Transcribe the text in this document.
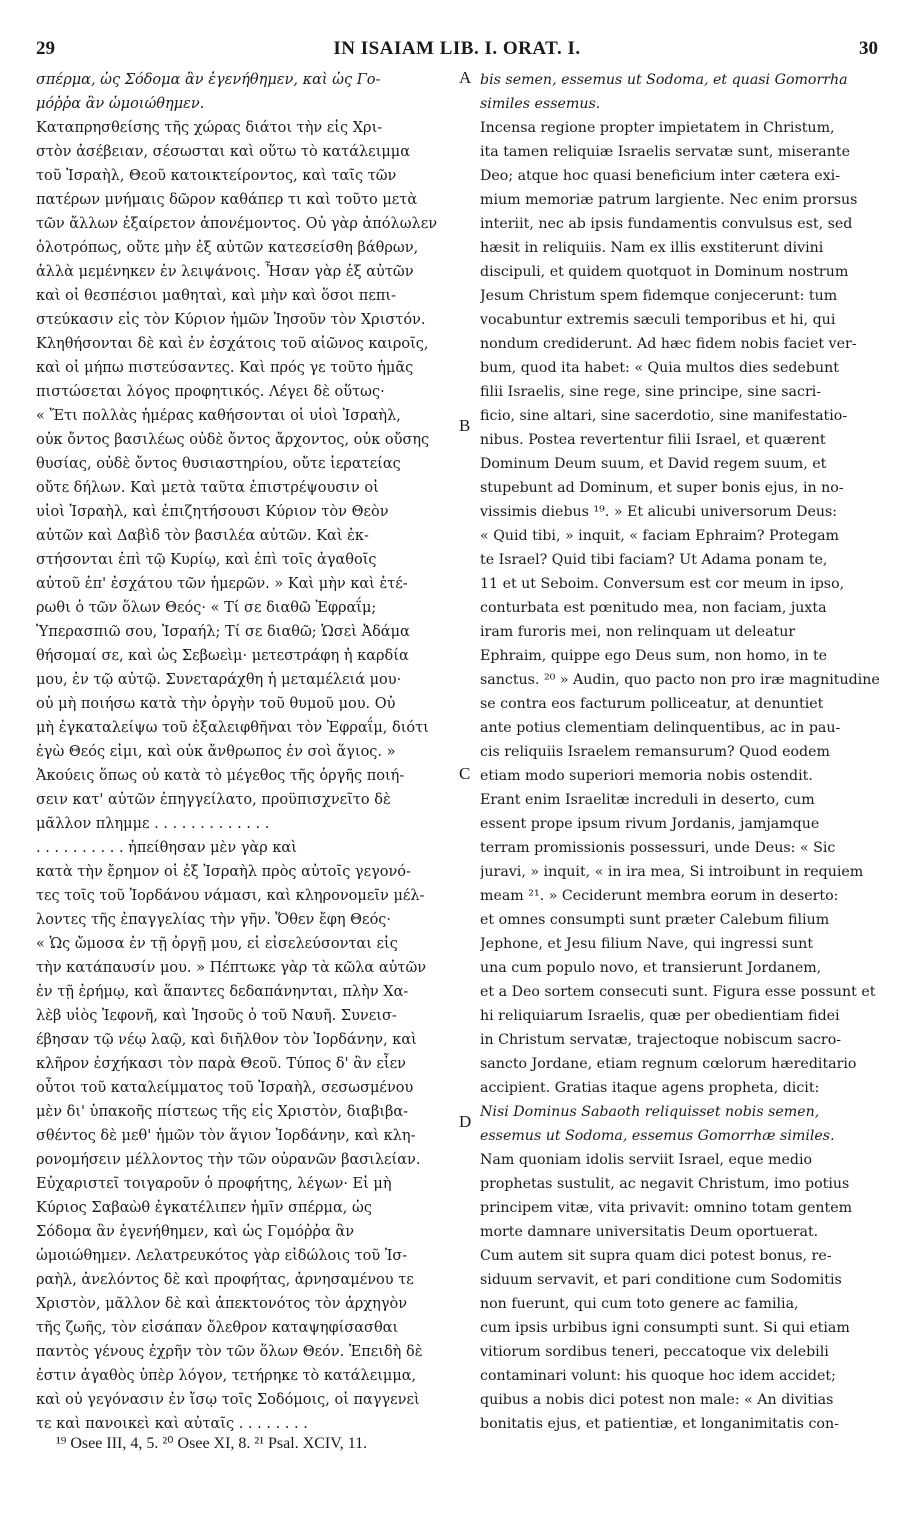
29	IN ISAIAM LIB. I. ORAT. I.	30

σπέρμα, ὡς Σόδομα ἂν ἐγενήθημεν, καὶ ὡς Γο-

μόῤῥα ἂν ὡμοιώθημεν.

Καταπρησθείσης τῆς χώρας διάτοι τὴν εἰς Χρι-

στὸν ἀσέβειαν, σέσωσται καὶ οὕτω τὸ κατάλειμμα

τοῦ Ἰσραὴλ, Θεοῦ κατοικτείροντος, καὶ ταῖς τῶν

πατέρων μνήμαις δῶρον καθάπερ τι καὶ τοῦτο μετὰ

τῶν ἄλλων ἐξαίρετον ἀπονέμοντος. Οὐ γὰρ ἀπόλωλεν

ὁλοτρόπως, οὔτε μὴν ἐξ αὐτῶν κατεσείσθη βάθρων,

ἀλλὰ μεμένηκεν ἐν λειψάνοις. Ἦσαν γὰρ ἐξ αὐτῶν

καὶ οἱ θεσπέσιοι μαθηταὶ, καὶ μὴν καὶ ὅσοι πεπι-

στεύκασιν εἰς τὸν Κύριον ἡμῶν Ἰησοῦν τὸν Χριστόν.

Κληθήσονται δὲ καὶ ἐν ἐσχάτοις τοῦ αἰῶνος καιροῖς,

καὶ οἱ μήπω πιστεύσαντες. Καὶ πρός γε τοῦτο ἡμᾶς

πιστώσεται λόγος προφητικός. Λέγει δὲ οὕτως·

« Ἔτι πολλὰς ἡμέρας καθήσονται οἱ υἱοὶ Ἰσραὴλ,

οὐκ ὄντος βασιλέως οὐδὲ ὄντος ἄρχοντος, οὐκ οὔσης

θυσίας, οὐδὲ ὄντος θυσιαστηρίου, οὔτε ἱερατείας

οὔτε δήλων. Καὶ μετὰ ταῦτα ἐπιστρέψουσιν οἱ

υἱοὶ Ἰσραὴλ, καὶ ἐπιζητήσουσι Κύριον τὸν Θεὸν

αὐτῶν καὶ Δαβὶδ τὸν βασιλέα αὐτῶν. Καὶ ἐκ-

στήσονται ἐπὶ τῷ Κυρίῳ, καὶ ἐπὶ τοῖς ἀγαθοῖς

αὐτοῦ ἐπ' ἐσχάτου τῶν ἡμερῶν. » Καὶ μὴν καὶ ἑτέ-

ρωθι ὁ τῶν ὅλων Θεός· « Τί σε διαθῶ Ἐφραΐμ;

Ὑπερασπιῶ σου, Ἰσραήλ; Τί σε διαθῶ; Ὡσεὶ Ἀδάμα

θήσομαί σε, καὶ ὡς Σεβωεὶμ· μετεστράφη ἡ καρδία

μου, ἐν τῷ αὐτῷ. Συνεταράχθη ἡ μεταμέλειά μου·

οὐ μὴ ποιήσω κατὰ τὴν ὀργὴν τοῦ θυμοῦ μου. Οὐ

μὴ ἐγκαταλείψω τοῦ ἐξαλειφθῆναι τὸν Ἐφραΐμ, διότι

ἐγὼ Θεός εἰμι, καὶ οὐκ ἄνθρωπος ἐν σοὶ ἅγιος. »

Ἀκούεις ὅπως οὐ κατὰ τὸ μέγεθος τῆς ὀργῆς ποιή-

σειν κατ' αὐτῶν ἐπηγγείλατο, προϋπισχνεῖτο δὲ

μᾶλλον πλημμε . . . . . . . . . . . . .

. . . . . . . . . . ἠπείθησαν μὲν γὰρ καὶ

κατὰ τὴν ἔρημον οἱ ἐξ Ἰσραὴλ πρὸς αὐτοῖς γεγονό-

τες τοῖς τοῦ Ἰορδάνου νάμασι, καὶ κληρονομεῖν μέλ-

λοντες τῆς ἐπαγγελίας τὴν γῆν. Ὅθεν ἔφη Θεός·

« Ὡς ὤμοσα ἐν τῇ ὀργῇ μου, εἰ εἰσελεύσονται εἰς

τὴν κατάπαυσίν μου. » Πέπτωκε γὰρ τὰ κῶλα αὐτῶν

ἐν τῇ ἐρήμῳ, καὶ ἅπαντες δεδαπάνηνται, πλὴν Χα-

λὲβ υἱὸς Ἰεφονῆ, καὶ Ἰησοῦς ὁ τοῦ Ναυῆ. Συνεισ-

έβησαν τῷ νέῳ λαῷ, καὶ διῆλθον τὸν Ἰορδάνην, καὶ

κλῆρον ἐσχήκασι τὸν παρὰ Θεοῦ. Τύπος δ' ἂν εἶεν

οὗτοι τοῦ καταλείμματος τοῦ Ἰσραὴλ, σεσωσμένου

μὲν δι' ὑπακοῆς πίστεως τῆς εἰς Χριστὸν, διαβιβα-

σθέντος δὲ μεθ' ἡμῶν τὸν ἅγιον Ἰορδάνην, καὶ κλη-

ρονομήσειν μέλλοντος τὴν τῶν οὐρανῶν βασιλείαν.

Εὐχαριστεῖ τοιγαροῦν ὁ προφήτης, λέγων· Εἰ μὴ

Κύριος Σαβαὼθ ἐγκατέλιπεν ἡμῖν σπέρμα, ὡς

Σόδομα ἂν ἐγενήθημεν, καὶ ὡς Γομόῤῥα ἂν

ὡμοιώθημεν. Λελατρευκότος γὰρ εἰδώλοις τοῦ Ἰσ-

ραὴλ, ἀνελόντος δὲ καὶ προφήτας, ἀρνησαμένου τε

Χριστὸν, μᾶλλον δὲ καὶ ἀπεκτονότος τὸν ἀρχηγὸν

τῆς ζωῆς, τὸν εἰσάπαν ὄλεθρον καταψηφίσασθαι

παντὸς γένους ἐχρῆν τὸν τῶν ὅλων Θεόν. Ἐπειδὴ δὲ

ἐστιν ἀγαθὸς ὑπὲρ λόγον, τετήρηκε τὸ κατάλειμμα,

καὶ οὐ γεγόνασιν ἐν ἴσῳ τοῖς Σοδόμοις, οἱ παγγενεὶ

τε καὶ πανοικεὶ καὶ αὐταῖς . . . . . . . .

A
B
C
D

bis semen, essemus ut Sodoma, et quasi Gomorrha

similes essemus.

Incensa regione propter impietatem in Christum,

ita tamen reliquiæ Israelis servatæ sunt, miserante

Deo; atque hoc quasi beneficium inter cætera exi-

mium memoriæ patrum largiente. Nec enim prorsus

interiit, nec ab ipsis fundamentis convulsus est, sed

hæsit in reliquiis. Nam ex illis exstiterunt divini

discipuli, et quidem quotquot in Dominum nostrum

Jesum Christum spem fidemque conjecerunt: tum

vocabuntur extremis sæculi temporibus et hi, qui

nondum crediderunt. Ad hæc fidem nobis faciet ver-

bum, quod ita habet: « Quia multos dies sedebunt

filii Israelis, sine rege, sine principe, sine sacri-

ficio, sine altari, sine sacerdotio, sine manifestatio-

nibus. Postea revertentur filii Israel, et quærent

Dominum Deum suum, et David regem suum, et

stupebunt ad Dominum, et super bonis ejus, in no-

vissimis diebus ¹⁹. » Et alicubi universorum Deus:

« Quid tibi, » inquit, « faciam Ephraim? Protegam

te Israel? Quid tibi faciam? Ut Adama ponam te,

11 et ut Seboim. Conversum est cor meum in ipso,

conturbata est pœnitudo mea, non faciam, juxta

iram furoris mei, non relinquam ut deleatur

Ephraim, quippe ego Deus sum, non homo, in te

sanctus. ²⁰ » Audin, quo pacto non pro iræ magnitudine

se contra eos facturum polliceatur, at denuntiet

ante potius clementiam delinquentibus, ac in pau-

cis reliquiis Israelem remansurum? Quod eodem

etiam modo superiori memoria nobis ostendit.

Erant enim Israelitæ increduli in deserto, cum

essent prope ipsum rivum Jordanis, jamjamque

terram promissionis possessuri, unde Deus: « Sic

juravi, » inquit, « in ira mea, Si introibunt in requiem

meam ²¹. » Ceciderunt membra eorum in deserto:

et omnes consumpti sunt præter Calebum filium

Jephone, et Jesu filium Nave, qui ingressi sunt

una cum populo novo, et transierunt Jordanem,

et a Deo sortem consecuti sunt. Figura esse possunt et

hi reliquiarum Israelis, quæ per obedientiam fidei

in Christum servatæ, trajectoque nobiscum sacro-

sancto Jordane, etiam regnum cœlorum hæreditario

accipient. Gratias itaque agens propheta, dicit:

Nisi Dominus Sabaoth reliquisset nobis semen,

essemus ut Sodoma, essemus Gomorrhæ similes.

Nam quoniam idolis serviit Israel, eque medio

prophetas sustulit, ac negavit Christum, imo potius

principem vitæ, vita privavit: omnino totam gentem

morte damnare universitatis Deum oportuerat.

Cum autem sit supra quam dici potest bonus, re-

siduum servavit, et pari conditione cum Sodomitis

non fuerunt, qui cum toto genere ac familia,

cum ipsis urbibus igni consumpti sunt. Si qui etiam

vitiorum sordibus teneri, peccatoque vix delebili

contaminari volunt: his quoque hoc idem accidet;

quibus a nobis dici potest non male: « An divitias

bonitatis ejus, et patientiæ, et longanimitatis con-

¹⁹ Osee III, 4, 5. ²⁰ Osee XI, 8. ²¹ Psal. XCIV, 11.
